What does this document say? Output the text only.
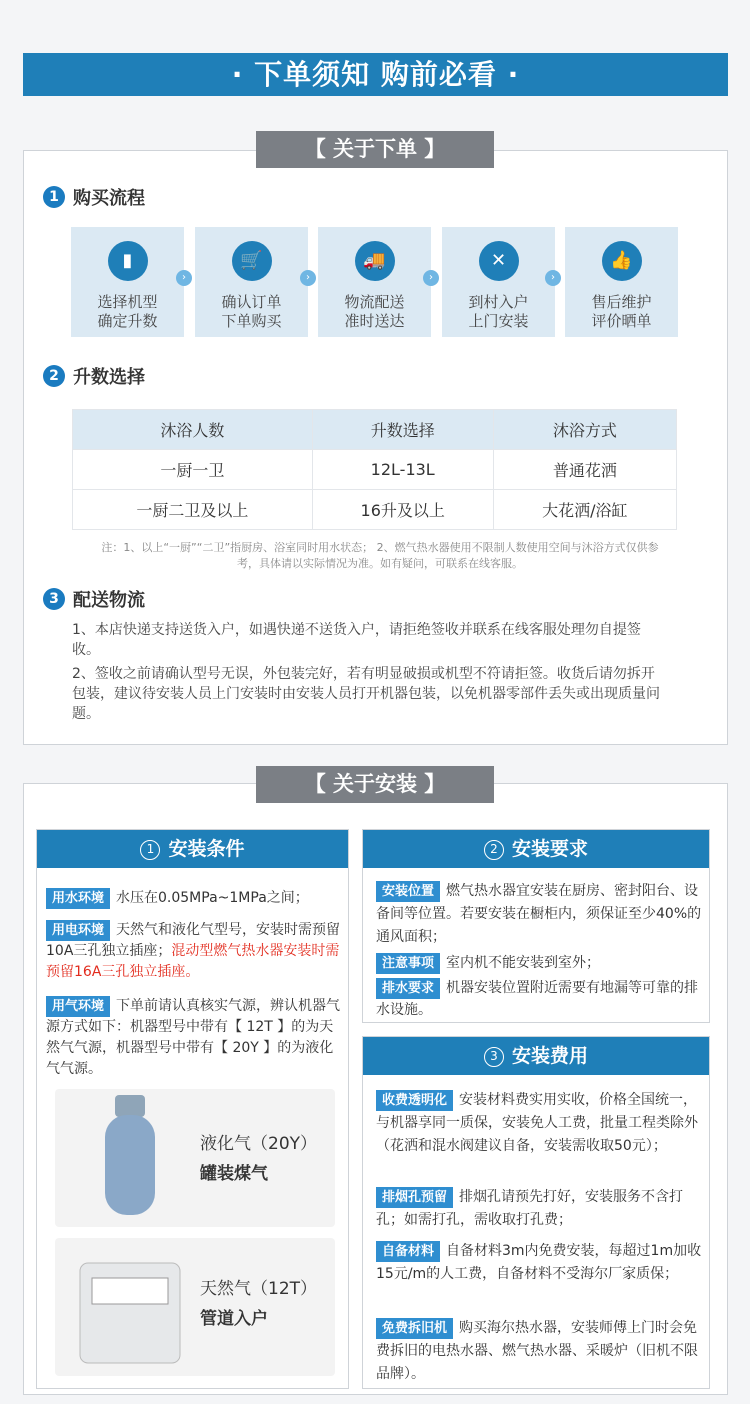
· 下单须知 购前必看 ·
【 关于下单 】
1 购买流程
▮
选择机型
确定升数
›
🛒
确认订单
下单购买
›
🚚
物流配送
准时送达
›
✕
到村入户
上门安装
›
👍
售后维护
评价晒单
2 升数选择
沐浴人数	升数选择	沐浴方式
一厨一卫	12L-13L	普通花洒
一厨二卫及以上	16升及以上	大花洒/浴缸
注：1、以上“一厨”“二卫”指厨房、浴室同时用水状态； 2、燃气热水器使用不限制人数使用空间与沐浴方式仅供参考，具体请以实际情况为准。如有疑问，可联系在线客服。
3 配送物流
1、本店快递支持送货入户，如遇快递不送货入户，请拒绝签收并联系在线客服处理勿自提签收。
2、签收之前请确认型号无误，外包装完好，若有明显破损或机型不符请拒签。收货后请勿拆开包装，建议待安装人员上门安装时由安装人员打开机器包装，以免机器零部件丢失或出现质量问题。
【 关于安装 】
1 安装条件
用水环境 水压在0.05MPa~1MPa之间；
用电环境 天然气和液化气型号，安装时需预留10A三孔独立插座；混动型燃气热水器安装时需预留16A三孔独立插座。
用气环境 下单前请认真核实气源，辨认机器气源方式如下：机器型号中带有【 12T 】的为天然气气源，机器型号中带有【 20Y 】的为液化气气源。
液化气（20Y）
罐装煤气
天然气（12T）
管道入户
2 安装要求
安装位置 燃气热水器宜安装在厨房、密封阳台、设备间等位置。若要安装在橱柜内，须保证至少40%的通风面积；
注意事项 室内机不能安装到室外；
排水要求 机器安装位置附近需要有地漏等可靠的排水设施。
3 安装费用
收费透明化 安装材料费实用实收，价格全国统一，与机器享同一质保，安装免人工费，批量工程类除外（花洒和混水阀建议自备，安装需收取50元）；
排烟孔预留 排烟孔请预先打好，安装服务不含打孔；如需打孔，需收取打孔费；
自备材料 自备材料3m内免费安装，每超过1m加收15元/m的人工费，自备材料不受海尔厂家质保；
免费拆旧机 购买海尔热水器，安装师傅上门时会免费拆旧的电热水器、燃气热水器、采暖炉（旧机不限品牌）。
